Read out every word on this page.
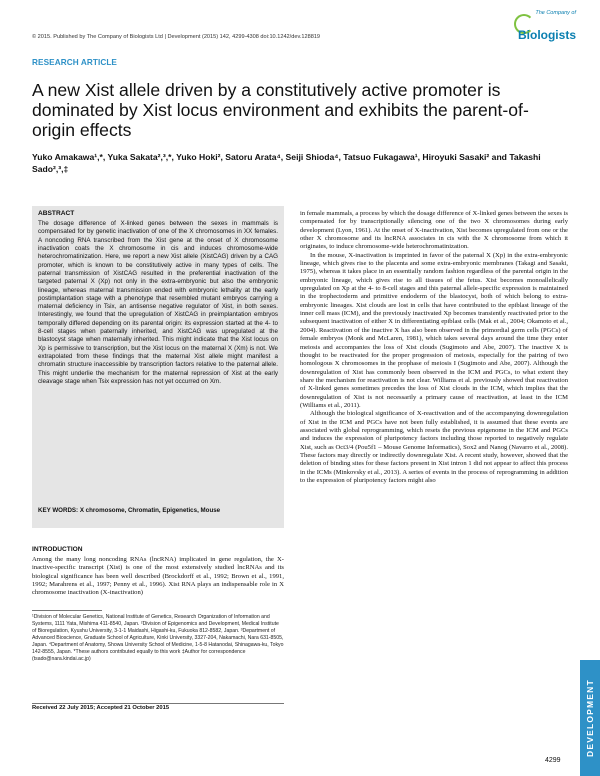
© 2015. Published by The Company of Biologists Ltd | Development (2015) 142, 4299-4308 doi:10.1242/dev.128819
The Company of
Biologists
RESEARCH ARTICLE
A new Xist allele driven by a constitutively active promoter is dominated by Xist locus environment and exhibits the parent-of-origin effects
Yuko Amakawa¹,*, Yuka Sakata²,³,*, Yuko Hoki², Satoru Arata⁴, Seiji Shioda⁴, Tatsuo Fukagawa¹, Hiroyuki Sasaki² and Takashi Sado²,³,‡
ABSTRACT
The dosage difference of X-linked genes between the sexes in mammals is compensated for by genetic inactivation of one of the X chromosomes in XX females. A noncoding RNA transcribed from the Xist gene at the onset of X chromosome inactivation coats the X chromosome in cis and induces chromosome-wide heterochromatinization. Here, we report a new Xist allele (XistCAG) driven by a CAG promoter, which is known to be constitutively active in many types of cells. The paternal transmission of XistCAG resulted in the preferential inactivation of the targeted paternal X (Xp) not only in the extra-embryonic but also the embryonic lineage, whereas maternal transmission ended with embryonic lethality at the early postimplantation stage with a phenotype that resembled mutant embryos carrying a maternal deficiency in Tsix, an antisense negative regulator of Xist, in both sexes. Interestingly, we found that the upregulation of XistCAG in preimplantation embryos temporally differed depending on its parental origin: its expression started at the 4- to 8-cell stages when paternally inherited, and XistCAG was upregulated at the blastocyst stage when maternally inherited. This might indicate that the Xist locus on Xp is permissive to transcription, but the Xist locus on the maternal X (Xm) is not. We extrapolated from these findings that the maternal Xist allele might manifest a chromatin structure inaccessible by transcription factors relative to the paternal allele. This might underlie the mechanism for the maternal repression of Xist at the early cleavage stage when Tsix expression has not yet occurred on Xm.
KEY WORDS: X chromosome, Chromatin, Epigenetics, Mouse
INTRODUCTION
Among the many long noncoding RNAs (lncRNA) implicated in gene regulation, the X-inactive-specific transcript (Xist) is one of the most extensively studied lncRNAs and its biological significance has been well described (Brockdorff et al., 1992; Brown et al., 1991, 1992; Marahrens et al., 1997; Penny et al., 1996). Xist RNA plays an indispensable role in X chromosome inactivation (X-inactivation)
¹Division of Molecular Genetics, National Institute of Genetics, Research Organization of Information and Systems, 1111 Yata, Mishima 411-8540, Japan. ²Division of Epigenomics and Development, Medical Institute of Bioregulation, Kyushu University, 3-1-1 Maidashi, Higashi-ku, Fukuoka 812-8582, Japan. ³Department of Advanced Bioscience, Graduate School of Agriculture, Kinki University, 3327-204, Nakamachi, Nara 631-8505, Japan. ⁴Department of Anatomy, Showa University School of Medicine, 1-5-8 Hatanodai, Shinagawa-ku, Tokyo 142-8555, Japan. *These authors contributed equally to this work ‡Author for correspondence (tsado@nara.kindai.ac.jp)
Received 22 July 2015; Accepted 21 October 2015

in female mammals, a process by which the dosage difference of X-linked genes between the sexes is compensated for by transcriptionally silencing one of the two X chromosomes during early development (Lyon, 1961). At the onset of X-inactivation, Xist becomes upregulated from one or the other X chromosome and its lncRNA associates in cis with the X chromosome from which it originates, to induce chromosome-wide heterochromatinization.

In the mouse, X-inactivation is imprinted in favor of the paternal X (Xp) in the extra-embryonic lineage, which gives rise to the placenta and some extra-embryonic membranes (Takagi and Sasaki, 1975), whereas it takes place in an essentially random fashion regardless of the parental origin in the embryonic lineage, which gives rise to all tissues of the fetus. Xist becomes monoallelically upregulated on Xp at the 4- to 8-cell stages and this paternal allele-specific expression is maintained in the trophectoderm and primitive endoderm of the blastocyst, both of which belong to extra-embryonic lineages. Xist clouds are lost in cells that have contributed to the epiblast lineage of the inner cell mass (ICM), and the previously inactivated Xp becomes transiently reactivated prior to the subsequent inactivation of either X in differentiating epiblast cells (Mak et al., 2004; Okamoto et al., 2004). Reactivation of the inactive X has also been observed in the primordial germ cells (PGCs) of female embryos (Monk and McLaren, 1981), which takes several days around the time they enter meiosis and accompanies the loss of Xist clouds (Sugimoto and Abe, 2007). The inactive X is thought to be reactivated for the proper progression of meiosis, especially for the pairing of two homologous X chromosomes in the prophase of meiosis I (Sugimoto and Abe, 2007). Although the downregulation of Xist has commonly been observed in the ICM and PGCs, to what extent they share the mechanism for reactivation is not clear. Williams et al. previously showed that reactivation of X-linked genes sometimes precedes the loss of Xist clouds in the ICM, which implies that the downregulation of Xist is not necessarily a primary cause of reactivation, at least in the ICM (Williams et al., 2011).

Although the biological significance of X-reactivation and of the accompanying downregulation of Xist in the ICM and PGCs have not been fully established, it is assumed that these events are associated with global reprogramming, which resets the previous epigenome in the ICM and PGCs and induces the expression of pluripotency factors including those reported to negatively regulate Xist, such as Oct3/4 (Pou5f1 – Mouse Genome Informatics), Sox2 and Nanog (Navarro et al., 2008). These factors may directly or indirectly downregulate Xist. A recent study, however, showed that the deletion of binding sites for these factors present in Xist intron 1 did not appear to affect this process in the ICMs (Minkovsky et al., 2013). A series of events in the process of reprogramming in addition to the expression of pluripotency factors might also

DEVELOPMENT
4299
